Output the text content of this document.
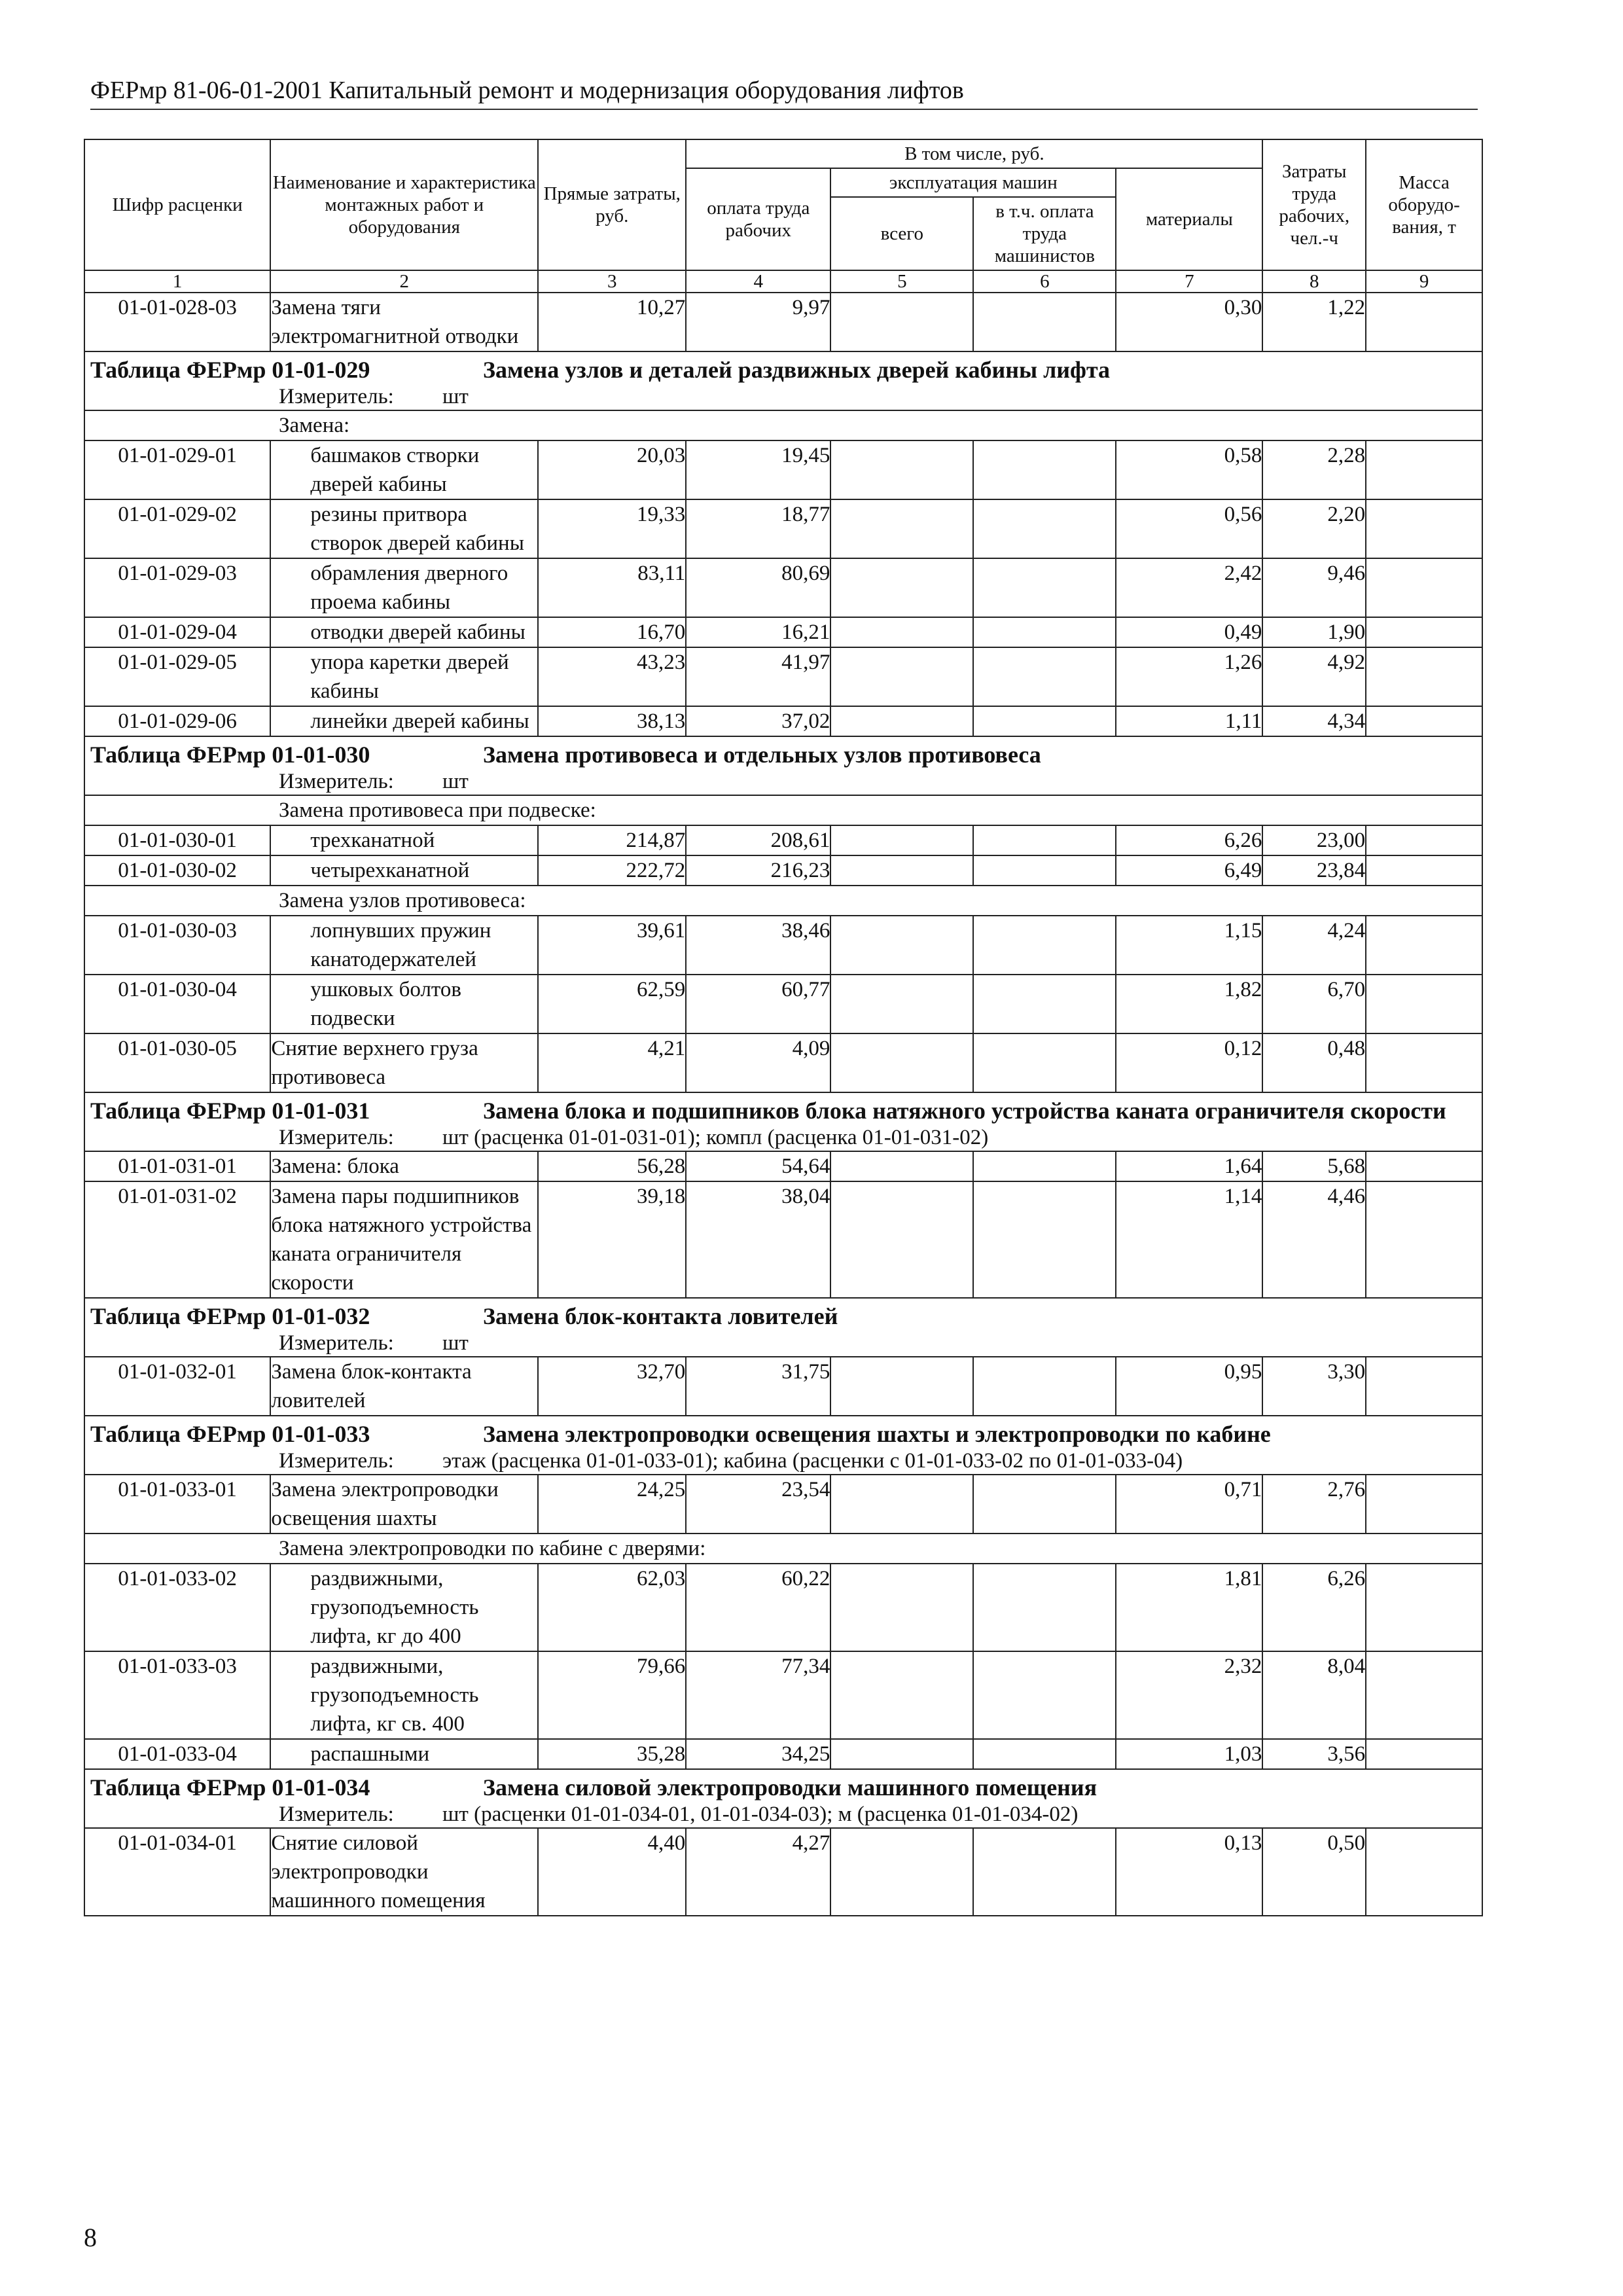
ФЕРмр 81-06-01-2001 Капитальный ремонт и модернизация оборудования лифтов
Шифр расценки	Наименование и характеристика монтажных работ и оборудования	Прямые затраты, руб.	В том числе, руб.				Затраты труда рабочих, чел.-ч	Масса оборудо-вания, т
			оплата труда рабочих	эксплуатация машин		материалы		
				всего	в т.ч. оплата труда машинистов			
1	2	3	4	5	6	7	8	9
01-01-028-03	Замена тяги электромагнитной отводки	10,27	9,97			0,30	1,22	
Таблица ФЕРмр 01-01-029 Замена узлов и деталей раздвижных дверей кабины лифта								

Измеритель: шт								

Замена:								
01-01-029-01	башмаков створки дверей кабины	20,03	19,45			0,58	2,28	
01-01-029-02	резины притвора створок дверей кабины	19,33	18,77			0,56	2,20	
01-01-029-03	обрамления дверного проема кабины	83,11	80,69			2,42	9,46	
01-01-029-04	отводки дверей кабины	16,70	16,21			0,49	1,90	
01-01-029-05	упора каретки дверей кабины	43,23	41,97			1,26	4,92	
01-01-029-06	линейки дверей кабины	38,13	37,02			1,11	4,34	
Таблица ФЕРмр 01-01-030 Замена противовеса и отдельных узлов противовеса								

Измеритель: шт								

Замена противовеса при подвеске:								
01-01-030-01	трехканатной	214,87	208,61			6,26	23,00	
01-01-030-02	четырехканатной	222,72	216,23			6,49	23,84	
Замена узлов противовеса:								
01-01-030-03	лопнувших пружин канатодержателей	39,61	38,46			1,15	4,24	
01-01-030-04	ушковых болтов подвески	62,59	60,77			1,82	6,70	
01-01-030-05	Снятие верхнего груза противовеса	4,21	4,09			0,12	0,48	
Таблица ФЕРмр 01-01-031 Замена блока и подшипников блока натяжного устройства каната ограничителя скорости								

Измеритель: шт (расценка 01-01-031-01); компл (расценка 01-01-031-02)								

01-01-031-01	Замена: блока	56,28	54,64			1,64	5,68	
01-01-031-02	Замена пары подшипников блока натяжного устройства каната ограничителя скорости	39,18	38,04			1,14	4,46	
Таблица ФЕРмр 01-01-032 Замена блок-контакта ловителей								

Измеритель: шт								

01-01-032-01	Замена блок-контакта ловителей	32,70	31,75			0,95	3,30	
Таблица ФЕРмр 01-01-033 Замена электропроводки освещения шахты и электропроводки по кабине								

Измеритель: этаж (расценка 01-01-033-01); кабина (расценки с 01-01-033-02 по 01-01-033-04)								

01-01-033-01	Замена электропроводки освещения шахты	24,25	23,54			0,71	2,76	
Замена электропроводки по кабине с дверями:								
01-01-033-02	раздвижными, грузоподъемность лифта, кг до 400	62,03	60,22			1,81	6,26	
01-01-033-03	раздвижными, грузоподъемность лифта, кг св. 400	79,66	77,34			2,32	8,04	
01-01-033-04	распашными	35,28	34,25			1,03	3,56	
Таблица ФЕРмр 01-01-034 Замена силовой электропроводки машинного помещения								

Измеритель: шт (расценки 01-01-034-01, 01-01-034-03); м (расценка 01-01-034-02)								

01-01-034-01	Снятие силовой электропроводки машинного помещения	4,40	4,27			0,13	0,50	
8
